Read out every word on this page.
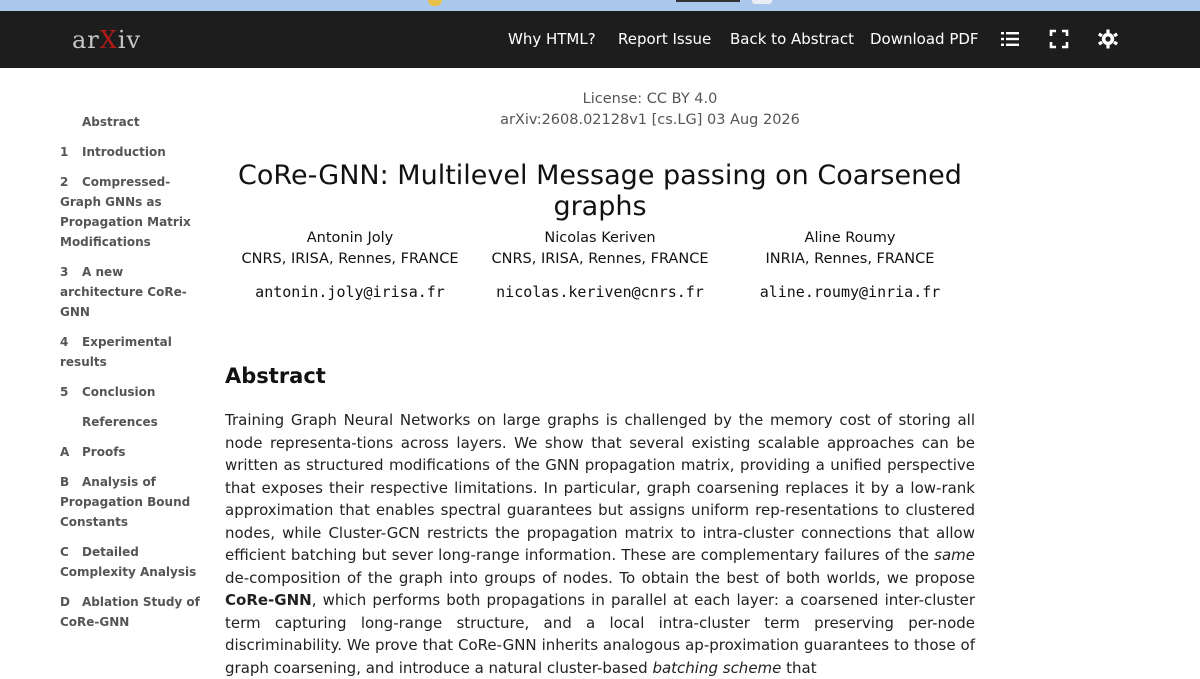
arXiv	Why HTML? Report Issue Back to Abstract Download PDF
Abstract
1 Introduction
2 Compressed-Graph GNNs as Propagation Matrix Modifications
3 A new architecture CoRe-GNN
4 Experimental results
5 Conclusion
References
A Proofs
B Analysis of Propagation Bound Constants
C Detailed Complexity Analysis
D Ablation Study of CoRe-GNN
License: CC BY 4.0
arXiv:2608.02128v1 [cs.LG] 03 Aug 2026
CoRe-GNN: Multilevel Message passing on Coarsened graphs
Antonin Joly
CNRS, IRISA, Rennes, FRANCE
antonin.joly@irisa.fr
Nicolas Keriven
CNRS, IRISA, Rennes, FRANCE
nicolas.keriven@cnrs.fr
Aline Roumy
INRIA, Rennes, FRANCE
aline.roumy@inria.fr
Abstract

Training Graph Neural Networks on large graphs is challenged by the memory cost of storing all node representa-tions across layers. We show that several existing scalable approaches can be written as structured modifications of the GNN propagation matrix, providing a unified perspective that exposes their respective limitations. In particular, graph coarsening replaces it by a low-rank approximation that enables spectral guarantees but assigns uniform rep-resentations to clustered nodes, while Cluster-GCN restricts the propagation matrix to intra-cluster connections that allow efficient batching but sever long-range information. These are complementary failures of the same de-composition of the graph into groups of nodes. To obtain the best of both worlds, we propose CoRe-GNN, which performs both propagations in parallel at each layer: a coarsened inter-cluster term capturing long-range structure, and a local intra-cluster term preserving per-node discriminability. We prove that CoRe-GNN inherits analogous ap-proximation guarantees to those of graph coarsening, and introduce a natural cluster-based batching scheme that
